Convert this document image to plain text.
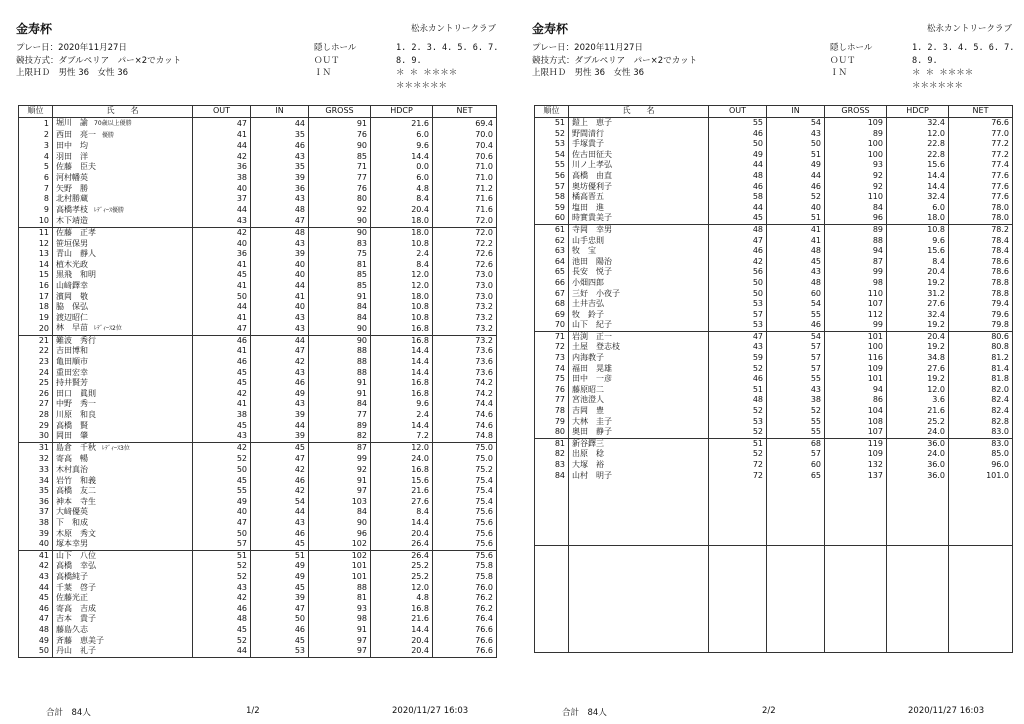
金寿杯	松永カントリークラブ
プレー日：2020年11月27日
競技方式：ダブルペリア　パー×2でカット
上限ＨＤ　男性 36　女性 36
隠しホール
ＯＵＴ
ＩＮ
1. 2. 3. 4. 5. 6. 7. 8. 9.
＊ ＊ ＊＊＊＊
＊＊＊＊＊＊
順位	氏　　名	OUT	IN	GROSS	HDCP	NET
1	堀川　諭 70歳以上優勝	47	44	91	21.6	69.4
2	西田　亮一 優勝	41	35	76	6.0	70.0
3	田中　均	44	46	90	9.6	70.4
4	羽田　洋	42	43	85	14.4	70.6
5	佐藤　臣夫	36	35	71	0.0	71.0
6	河村幡英	38	39	77	6.0	71.0
7	矢野　勝	40	36	76	4.8	71.2
8	北村勝蔵	37	43	80	8.4	71.6
9	高橋孝枝 ﾚﾃﾞｨｰｽ優勝	44	48	92	20.4	71.6
10	木下靖造	43	47	90	18.0	72.0
11	佐藤　正孝	42	48	90	18.0	72.0
12	笹垣保男	40	43	83	10.8	72.2
13	青山　靜人	36	39	75	2.4	72.6
14	植木光政	41	40	81	8.4	72.6
15	黒飛　和明	45	40	85	12.0	73.0
16	山﨑鐸幸	41	44	85	12.0	73.0
17	濱岡　敬	50	41	91	18.0	73.0
18	脇　保弘	44	40	84	10.8	73.2
19	渡辺昭仁	41	43	84	10.8	73.2
20	林　早苗 ﾚﾃﾞｨｰｽ2位	47	43	90	16.8	73.2
21	難波　秀行	46	44	90	16.8	73.2
22	吉田博和	41	47	88	14.4	73.6
23	亀田順市	46	42	88	14.4	73.6
24	重田宏幸	45	43	88	14.4	73.6
25	持井賢芳	45	46	91	16.8	74.2
26	田口　眞則	42	49	91	16.8	74.2
27	中野　秀一	41	43	84	9.6	74.4
28	川原　和良	38	39	77	2.4	74.6
29	高橋　賢	45	44	89	14.4	74.6
30	岡田　肇	43	39	82	7.2	74.8
31	島倉　千秋 ﾚﾃﾞｨｰｽ3位	42	45	87	12.0	75.0
32	寄高　暢	52	47	99	24.0	75.0
33	木村真治	50	42	92	16.8	75.2
34	岩竹　和義	45	46	91	15.6	75.4
35	高橋　友二	55	42	97	21.6	75.4
36	神本　寺生	49	54	103	27.6	75.4
37	大﨑優英	40	44	84	8.4	75.6
38	下　和成	47	43	90	14.4	75.6
39	木原　秀文	50	46	96	20.4	75.6
40	塚本幸男	57	45	102	26.4	75.6
41	山下　八位	51	51	102	26.4	75.6
42	高橋　幸弘	52	49	101	25.2	75.8
43	高橋純子	52	49	101	25.2	75.8
44	千葉　啓子	43	45	88	12.0	76.0
45	佐藤光正	42	39	81	4.8	76.2
46	寄高　吉成	46	47	93	16.8	76.2
47	吉本　貴子	48	50	98	21.6	76.4
48	藤島久志	45	46	91	14.4	76.6
49	斉藤　恵美子	52	45	97	20.4	76.6
50	丹山　礼子	44	53	97	20.4	76.6
合計　84人	1/2	2020/11/27 16:03
金寿杯	松永カントリークラブ
プレー日：2020年11月27日
競技方式：ダブルペリア　パー×2でカット
上限ＨＤ　男性 36　女性 36
隠しホール
ＯＵＴ
ＩＮ
1. 2. 3. 4. 5. 6. 7. 8. 9.
＊ ＊ ＊＊＊＊
＊＊＊＊＊＊
順位	氏　　名	OUT	IN	GROSS	HDCP	NET
51	鎧上　恵子	55	54	109	32.4	76.6
52	野間清行	46	43	89	12.0	77.0
53	手塚貴子	50	50	100	22.8	77.2
54	佐古田征夫	49	51	100	22.8	77.2
55	川ノ上孝弘	44	49	93	15.6	77.4
56	高橋　由直	48	44	92	14.4	77.6
57	奥坊優利子	46	46	92	14.4	77.6
58	橘高晋五	58	52	110	32.4	77.6
59	塩田　進	44	40	84	6.0	78.0
60	時實貴美子	45	51	96	18.0	78.0
61	寺岡　幸男	48	41	89	10.8	78.2
62	山手忠則	47	41	88	9.6	78.4
63	牧　宝	46	48	94	15.6	78.4
64	池田　陽治	42	45	87	8.4	78.6
65	長安　悦子	56	43	99	20.4	78.6
66	小畑四郎	50	48	98	19.2	78.8
67	三好　小夜子	50	60	110	31.2	78.8
68	土井吉弘	53	54	107	27.6	79.4
69	牧　鈴子	57	55	112	32.4	79.6
70	山下　紀子	53	46	99	19.2	79.8
71	岩渕　正一	47	54	101	20.4	80.6
72	土屋　登志枝	43	57	100	19.2	80.8
73	内海教子	59	57	116	34.8	81.2
74	福田　晃雄	52	57	109	27.6	81.4
75	田中　一彦	46	55	101	19.2	81.8
76	藤原昭二	51	43	94	12.0	82.0
77	宮池澄人	48	38	86	3.6	82.4
78	吉岡　豊	52	52	104	21.6	82.4
79	大林　圭子	53	55	108	25.2	82.8
80	奥田　静子	52	55	107	24.0	83.0
81	新谷鐸三	51	68	119	36.0	83.0
82	出原　稔	52	57	109	24.0	85.0
83	大塚　裕	72	60	132	36.0	96.0
84	山村　明子	72	65	137	36.0	101.0

合計　84人	2/2	2020/11/27 16:03
